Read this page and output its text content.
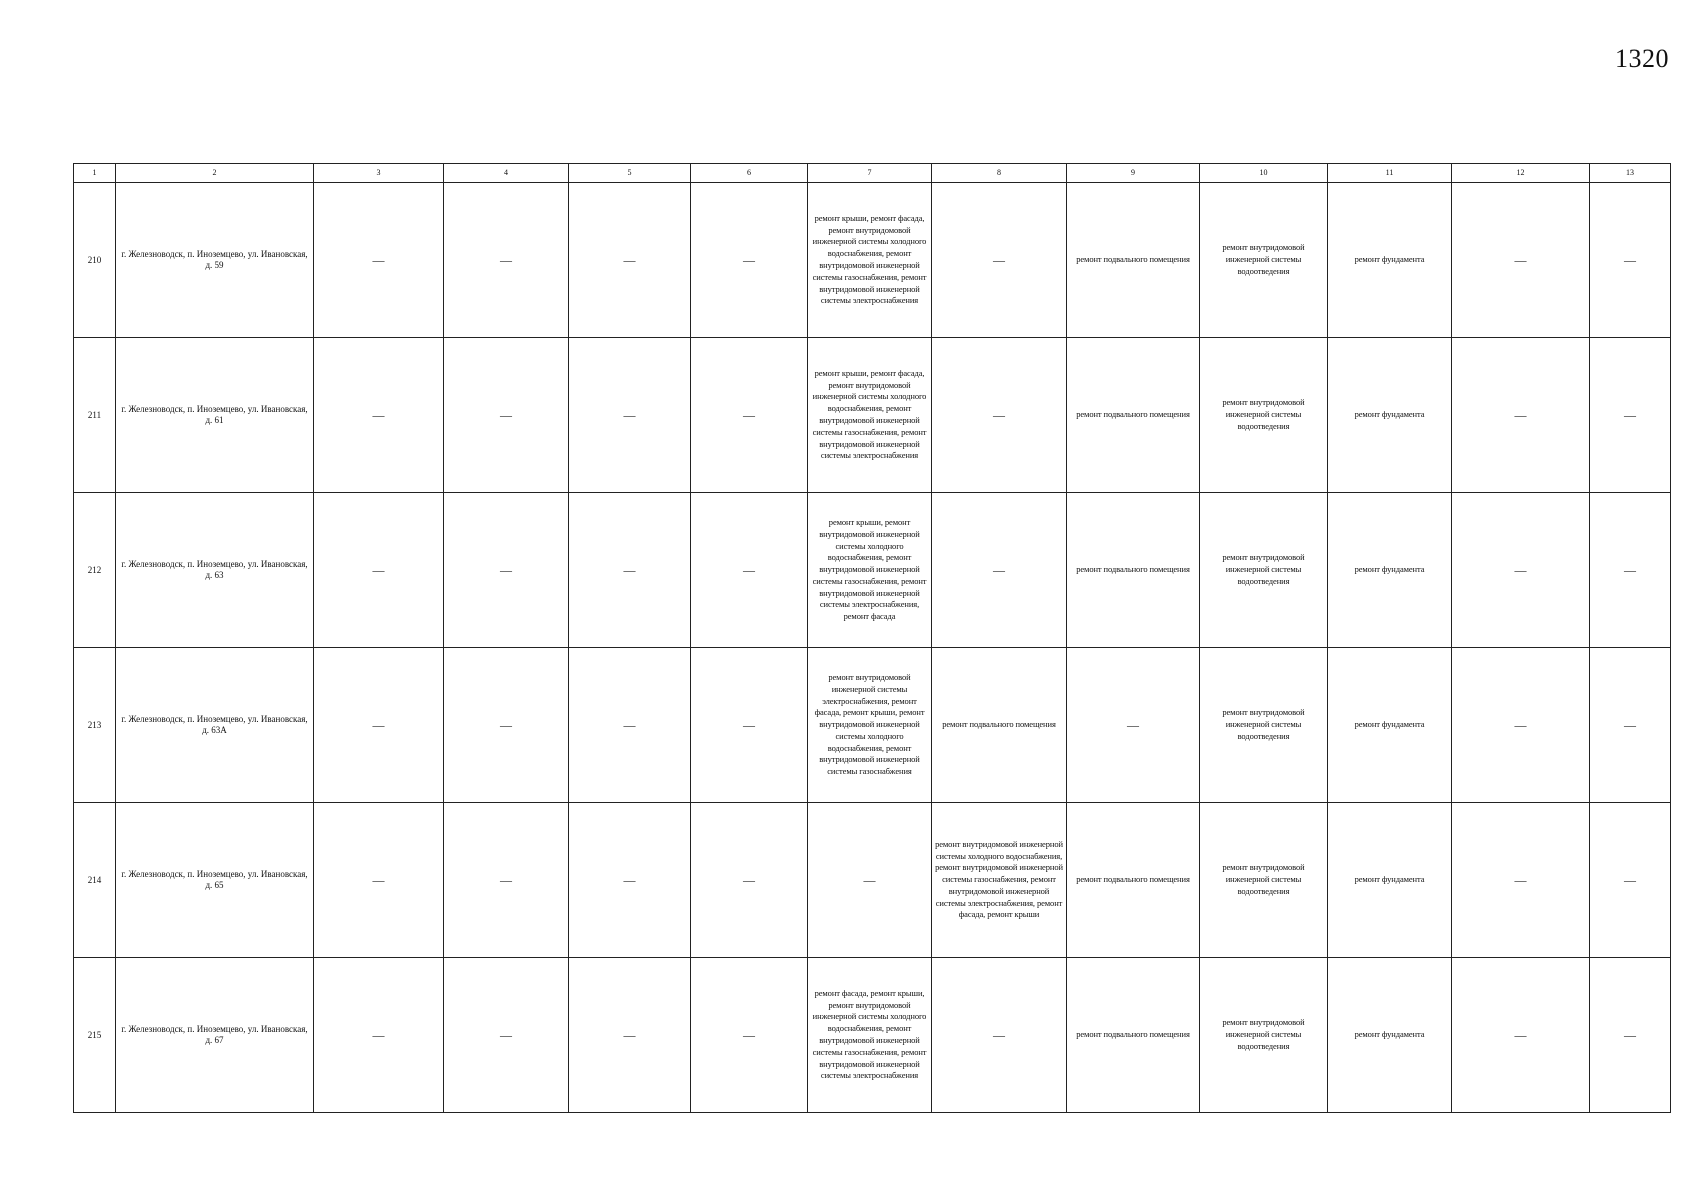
1320
1	2	3	4	5	6	7	8	9	10	11	12	13
210	г. Железноводск, п. Иноземцево, ул. Ивановская, д. 59	—	—	—	—	ремонт крыши, ремонт фасада, ремонт внутридомовой инженерной системы холодного водоснабжения, ремонт внутридомовой инженерной системы газоснабжения, ремонт внутридомовой инженерной системы электроснабжения	—	ремонт подвального помещения	ремонт внутридомовой инженерной системы водоотведения	ремонт фундамента	—	—
211	г. Железноводск, п. Иноземцево, ул. Ивановская, д. 61	—	—	—	—	ремонт крыши, ремонт фасада, ремонт внутридомовой инженерной системы холодного водоснабжения, ремонт внутридомовой инженерной системы газоснабжения, ремонт внутридомовой инженерной системы электроснабжения	—	ремонт подвального помещения	ремонт внутридомовой инженерной системы водоотведения	ремонт фундамента	—	—
212	г. Железноводск, п. Иноземцево, ул. Ивановская, д. 63	—	—	—	—	ремонт крыши, ремонт внутридомовой инженерной системы холодного водоснабжения, ремонт внутридомовой инженерной системы газоснабжения, ремонт внутридомовой инженерной системы электроснабжения, ремонт фасада	—	ремонт подвального помещения	ремонт внутридомовой инженерной системы водоотведения	ремонт фундамента	—	—
213	г. Железноводск, п. Иноземцево, ул. Ивановская, д. 63А	—	—	—	—	ремонт внутридомовой инженерной системы электроснабжения, ремонт фасада, ремонт крыши, ремонт внутридомовой инженерной системы холодного водоснабжения, ремонт внутридомовой инженерной системы газоснабжения	ремонт подвального помещения	—	ремонт внутридомовой инженерной системы водоотведения	ремонт фундамента	—	—
214	г. Железноводск, п. Иноземцево, ул. Ивановская, д. 65	—	—	—	—	—	ремонт внутридомовой инженерной системы холодного водоснабжения, ремонт внутридомовой инженерной системы газоснабжения, ремонт внутридомовой инженерной системы электроснабжения, ремонт фасада, ремонт крыши	ремонт подвального помещения	ремонт внутридомовой инженерной системы водоотведения	ремонт фундамента	—	—
215	г. Железноводск, п. Иноземцево, ул. Ивановская, д. 67	—	—	—	—	ремонт фасада, ремонт крыши, ремонт внутридомовой инженерной системы холодного водоснабжения, ремонт внутридомовой инженерной системы газоснабжения, ремонт внутридомовой инженерной системы электроснабжения	—	ремонт подвального помещения	ремонт внутридомовой инженерной системы водоотведения	ремонт фундамента	—	—
